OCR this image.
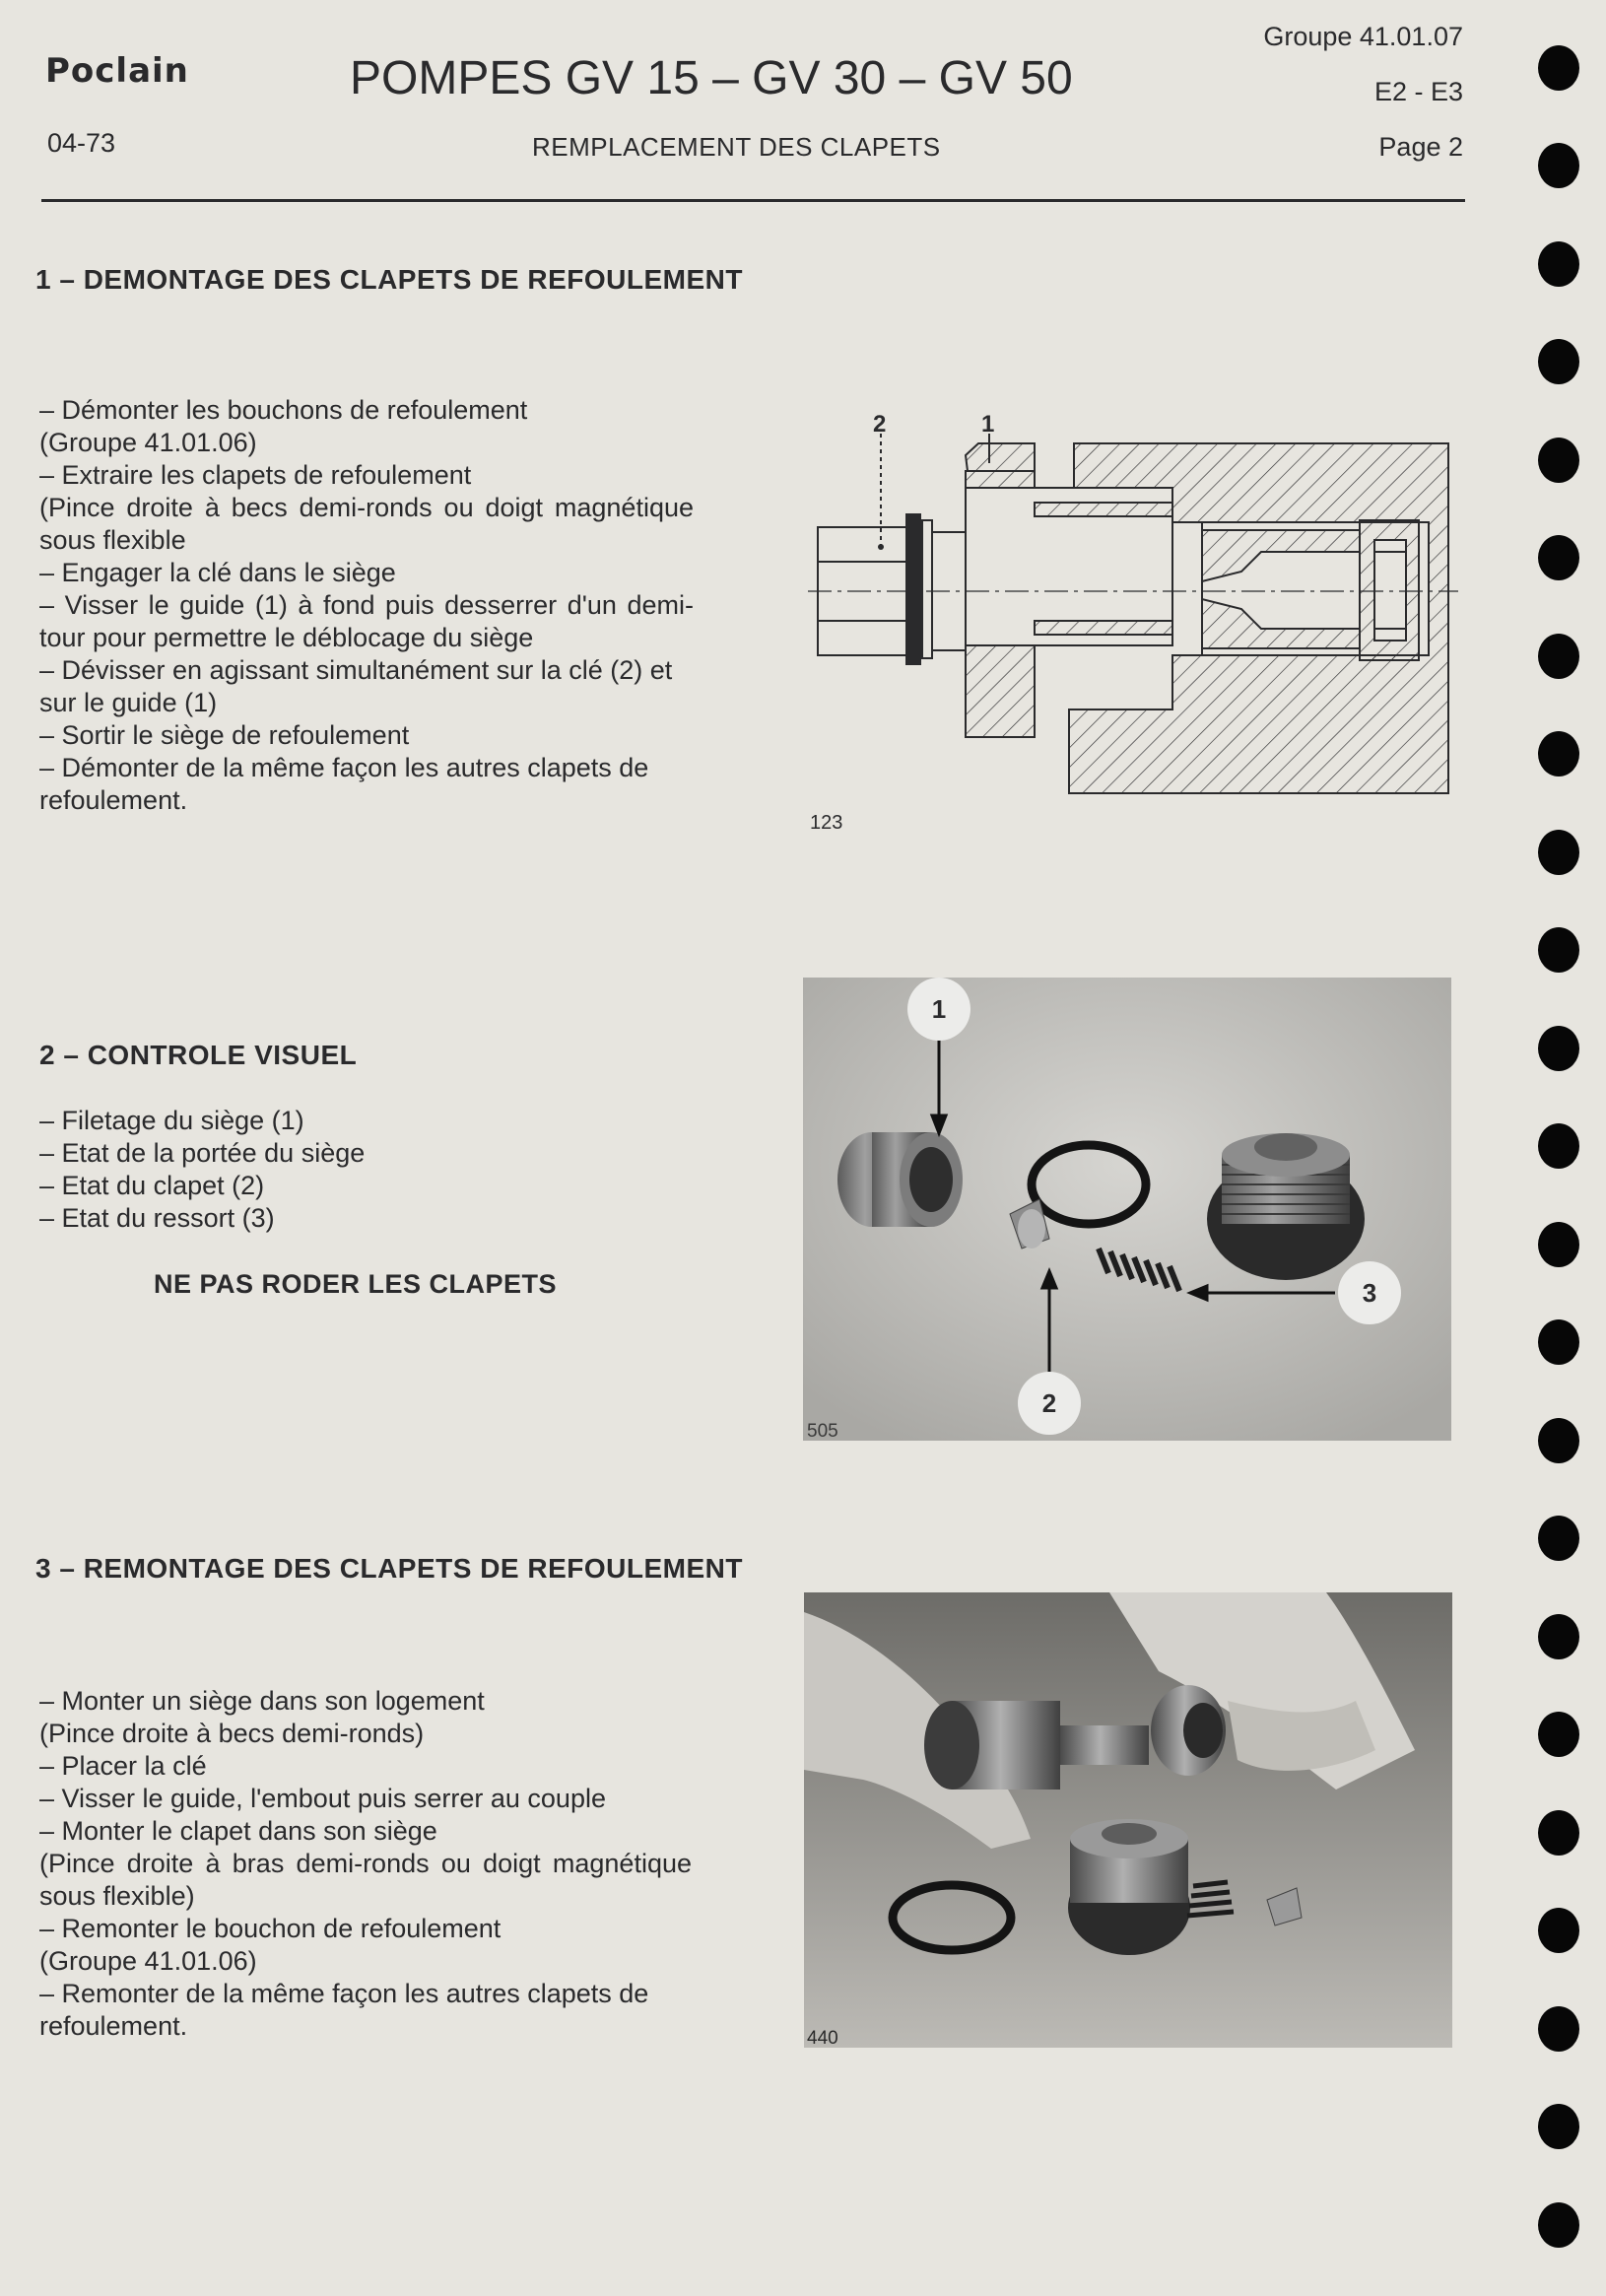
Poclain	POMPES GV 15 – GV 30 – GV 50
Groupe 41.01.07
E2 - E3
04-73	REMPLACEMENT DES CLAPETS	Page 2
1 – DEMONTAGE DES CLAPETS DE REFOULEMENT
– Démonter les bouchons de refoulement
(Groupe 41.01.06)
– Extraire les clapets de refoulement
(Pince droite à becs demi-ronds ou doigt magnétique sous flexible
– Engager la clé dans le siège
– Visser le guide (1) à fond puis desserrer d'un demi-tour pour permettre le déblocage du siège
– Dévisser en agissant simultanément sur la clé (2) et sur le guide (1)
– Sortir le siège de refoulement
– Démonter de la même façon les autres clapets de refoulement.
2	1
123
2 – CONTROLE VISUEL
– Filetage du siège (1)
– Etat de la portée du siège
– Etat du clapet (2)
– Etat du ressort (3)
NE PAS RODER LES CLAPETS
1
2
3
505
3 – REMONTAGE DES CLAPETS DE REFOULEMENT
– Monter un siège dans son logement
(Pince droite à becs demi-ronds)
– Placer la clé
– Visser le guide, l'embout puis serrer au couple
– Monter le clapet dans son siège
(Pince droite à bras demi-ronds ou doigt magnétique sous flexible)
– Remonter le bouchon de refoulement
(Groupe 41.01.06)
– Remonter de la même façon les autres clapets de refoulement.	440
